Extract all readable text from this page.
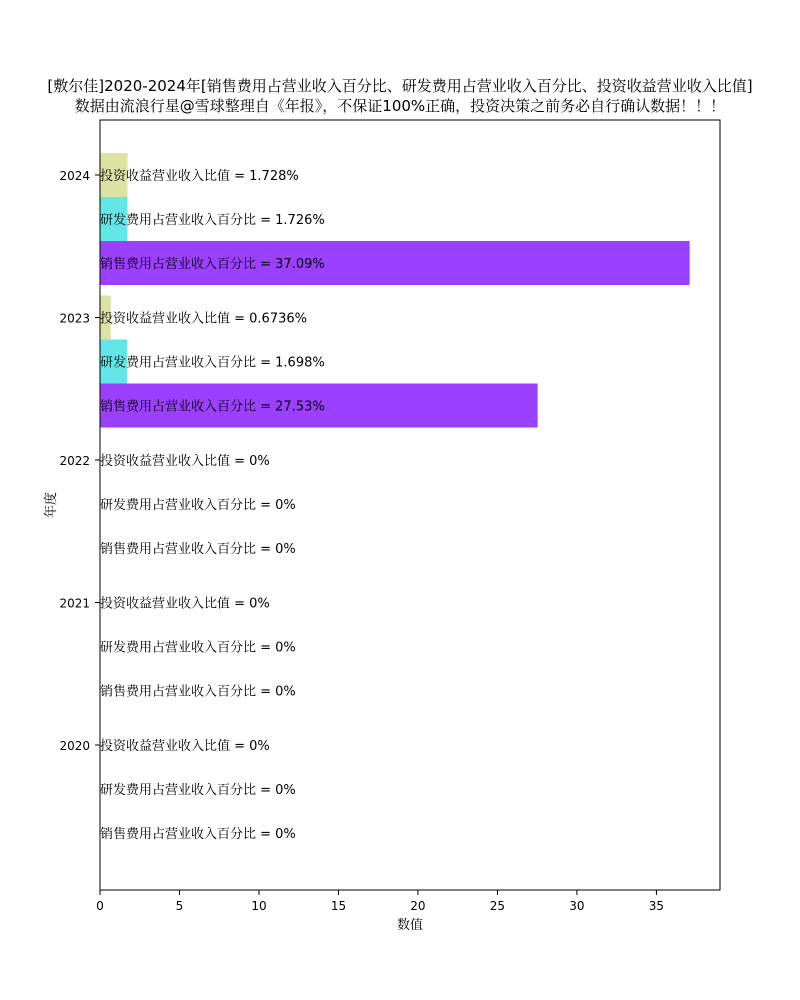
[敷尔佳]2020-2024年[销售费用占营业收入百分比、研发费用占营业收入百分比、投资收益营业收入比值]
数据由流浪行星@雪球整理自《年报》，不保证100%正确，投资决策之前务必自行确认数据！！！
销售费用占营业收入百分比 = 0%
研发费用占营业收入百分比 = 0%
投资收益营业收入比值 = 0%
销售费用占营业收入百分比 = 0%
研发费用占营业收入百分比 = 0%
投资收益营业收入比值 = 0%
销售费用占营业收入百分比 = 0%
研发费用占营业收入百分比 = 0%
投资收益营业收入比值 = 0%
销售费用占营业收入百分比 = 27.53%
研发费用占营业收入百分比 = 1.698%
投资收益营业收入比值 = 0.6736%
销售费用占营业收入百分比 = 37.09%
研发费用占营业收入百分比 = 1.726%
投资收益营业收入比值 = 1.728%
0	5	10	15	20	25	30	35
2020
2021
2022
2023
2024
数值
年度
